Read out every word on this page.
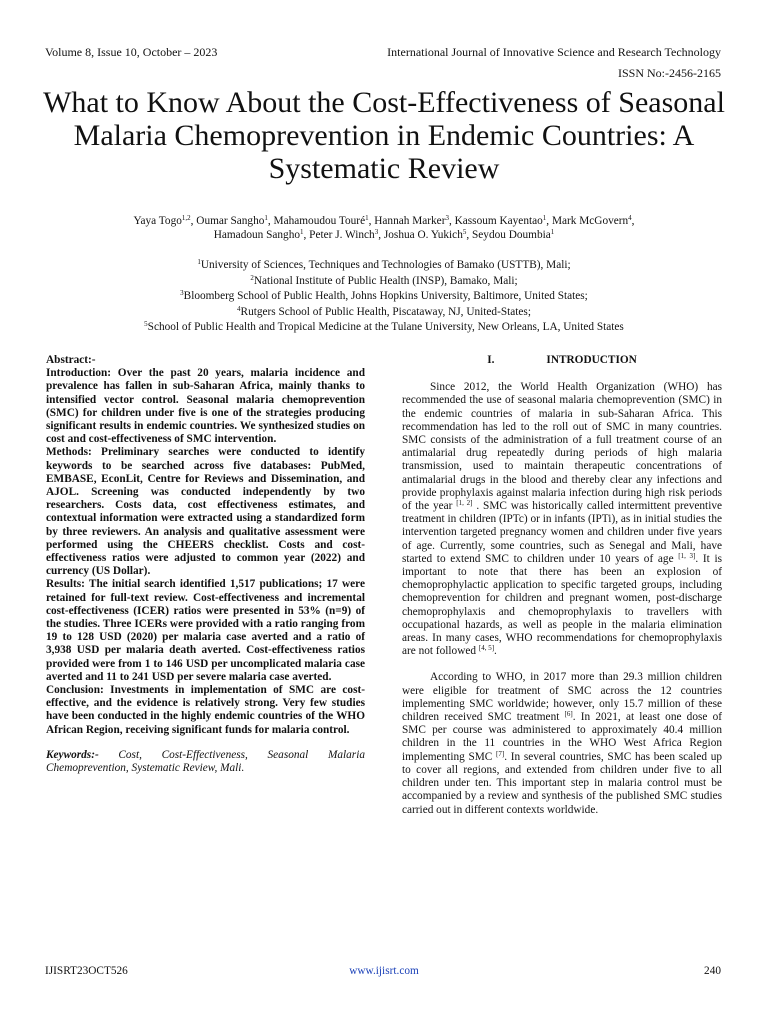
Volume 8, Issue 10, October – 2023	International Journal of Innovative Science and Research Technology
ISSN No:-2456-2165
What to Know About the Cost-Effectiveness of Seasonal Malaria Chemoprevention in Endemic Countries: A Systematic Review
Yaya Togo$^{1,2}$, Oumar Sangho$^1$, Mahamoudou Touré$^1$, Hannah Marker$^3$, Kassoum Kayentao$^1$, Mark McGovern$^4$,
Hamadoun Sangho$^1$, Peter J. Winch$^3$, Joshua O. Yukich$^5$, Seydou Doumbia$^1$
$^1$University of Sciences, Techniques and Technologies of Bamako (USTTB), Mali;
$^2$National Institute of Public Health (INSP), Bamako, Mali;
$^3$Bloomberg School of Public Health, Johns Hopkins University, Baltimore, United States;
$^4$Rutgers School of Public Health, Piscataway, NJ, United-States;
$^5$School of Public Health and Tropical Medicine at the Tulane University, New Orleans, LA, United States

Abstract:-

Introduction: Over the past 20 years, malaria incidence and prevalence has fallen in sub-Saharan Africa, mainly thanks to intensified vector control. Seasonal malaria chemoprevention (SMC) for children under five is one of the strategies producing significant results in endemic countries. We synthesized studies on cost and cost-effectiveness of SMC intervention.

Methods: Preliminary searches were conducted to identify keywords to be searched across five databases: PubMed, EMBASE, EconLit, Centre for Reviews and Dissemination, and AJOL. Screening was conducted independently by two researchers. Costs data, cost effectiveness estimates, and contextual information were extracted using a standardized form by three reviewers. An analysis and qualitative assessment were performed using the CHEERS checklist. Costs and cost-effectiveness ratios were adjusted to common year (2022) and currency (US Dollar).

Results: The initial search identified 1,517 publications; 17 were retained for full-text review. Cost-effectiveness and incremental cost-effectiveness (ICER) ratios were presented in 53% (n=9) of the studies. Three ICERs were provided with a ratio ranging from 19 to 128 USD (2020) per malaria case averted and a ratio of 3,938 USD per malaria death averted. Cost-effectiveness ratios provided were from 1 to 146 USD per uncomplicated malaria case averted and 11 to 241 USD per severe malaria case averted.

Conclusion: Investments in implementation of SMC are cost-effective, and the evidence is relatively strong. Very few studies have been conducted in the highly endemic countries of the WHO African Region, receiving significant funds for malaria control.

Keywords:- Cost, Cost-Effectiveness, Seasonal Malaria Chemoprevention, Systematic Review, Mali.

I.	INTRODUCTION

Since 2012, the World Health Organization (WHO) has recommended the use of seasonal malaria chemoprevention (SMC) in the endemic countries of malaria in sub-Saharan Africa. This recommendation has led to the roll out of SMC in many countries. SMC consists of the administration of a full treatment course of an antimalarial drug repeatedly during periods of high malaria transmission, used to maintain therapeutic concentrations of antimalarial drugs in the blood and thereby clear any infections and provide prophylaxis against malaria infection during high risk periods of the year [1, 2] . SMC was historically called intermittent preventive treatment in children (IPTc) or in infants (IPTi), as in initial studies the intervention targeted pregnancy women and children under five years of age. Currently, some countries, such as Senegal and Mali, have started to extend SMC to children under 10 years of age [1, 3]. It is important to note that there has been an explosion of chemoprophylactic application to specific targeted groups, including chemoprevention for children and pregnant women, post-discharge chemoprophylaxis and chemoprophylaxis to travellers with occupational hazards, as well as people in the malaria elimination areas. In many cases, WHO recommendations for chemoprophylaxis are not followed [4, 5].

According to WHO, in 2017 more than 29.3 million children were eligible for treatment of SMC across the 12 countries implementing SMC worldwide; however, only 15.7 million of these children received SMC treatment [6]. In 2021, at least one dose of SMC per course was administered to approximately 40.4 million children in the 11 countries in the WHO West Africa Region implementing SMC [7]. In several countries, SMC has been scaled up to cover all regions, and extended from children under five to all children under ten. This important step in malaria control must be accompanied by a review and synthesis of the published SMC studies carried out in different contexts worldwide.

IJISRT23OCT526	www.ijisrt.com	240
